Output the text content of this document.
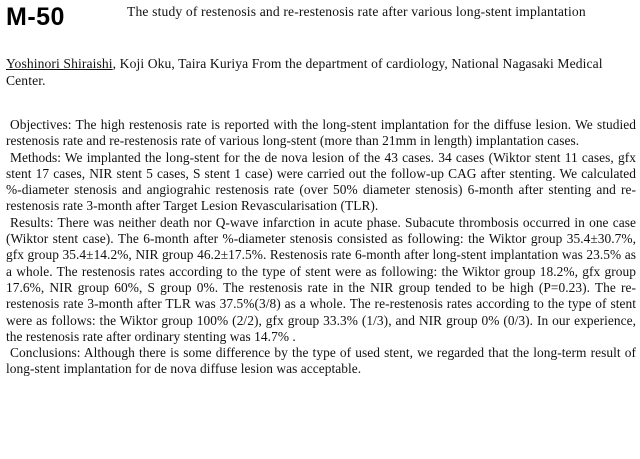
M-50	The study of restenosis and re-restenosis rate after various long-stent implantation
Yoshinori Shiraishi, Koji Oku, Taira Kuriya From the department of cardiology, National Nagasaki Medical Center.

Objectives: The high restenosis rate is reported with the long-stent implantation for the diffuse lesion. We studied restenosis rate and re-restenosis rate of various long-stent (more than 21mm in length) implantation cases.

Methods: We implanted the long-stent for the de nova lesion of the 43 cases. 34 cases (Wiktor stent 11 cases, gfx stent 17 cases, NIR stent 5 cases, S stent 1 case) were carried out the follow-up CAG after stenting. We calculated %-diameter stenosis and angiograhic restenosis rate (over 50% diameter stenosis) 6-month after stenting and re-restenosis rate 3-month after Target Lesion Revascularisation (TLR).

Results: There was neither death nor Q-wave infarction in acute phase. Subacute thrombosis occurred in one case (Wiktor stent case). The 6-month after %-diameter stenosis consisted as following: the Wiktor group 35.4±30.7%, gfx group 35.4±14.2%, NIR group 46.2±17.5%. Restenosis rate 6-month after long-stent implantation was 23.5% as a whole. The restenosis rates according to the type of stent were as following: the Wiktor group 18.2%, gfx group 17.6%, NIR group 60%, S group 0%. The restenosis rate in the NIR group tended to be high (P=0.23). The re-restenosis rate 3-month after TLR was 37.5%(3/8) as a whole. The re-restenosis rates according to the type of stent were as follows: the Wiktor group 100% (2/2), gfx group 33.3% (1/3), and NIR group 0% (0/3). In our experience, the restenosis rate after ordinary stenting was 14.7% .

Conclusions: Although there is some difference by the type of used stent, we regarded that the long-term result of long-stent implantation for de nova diffuse lesion was acceptable.
